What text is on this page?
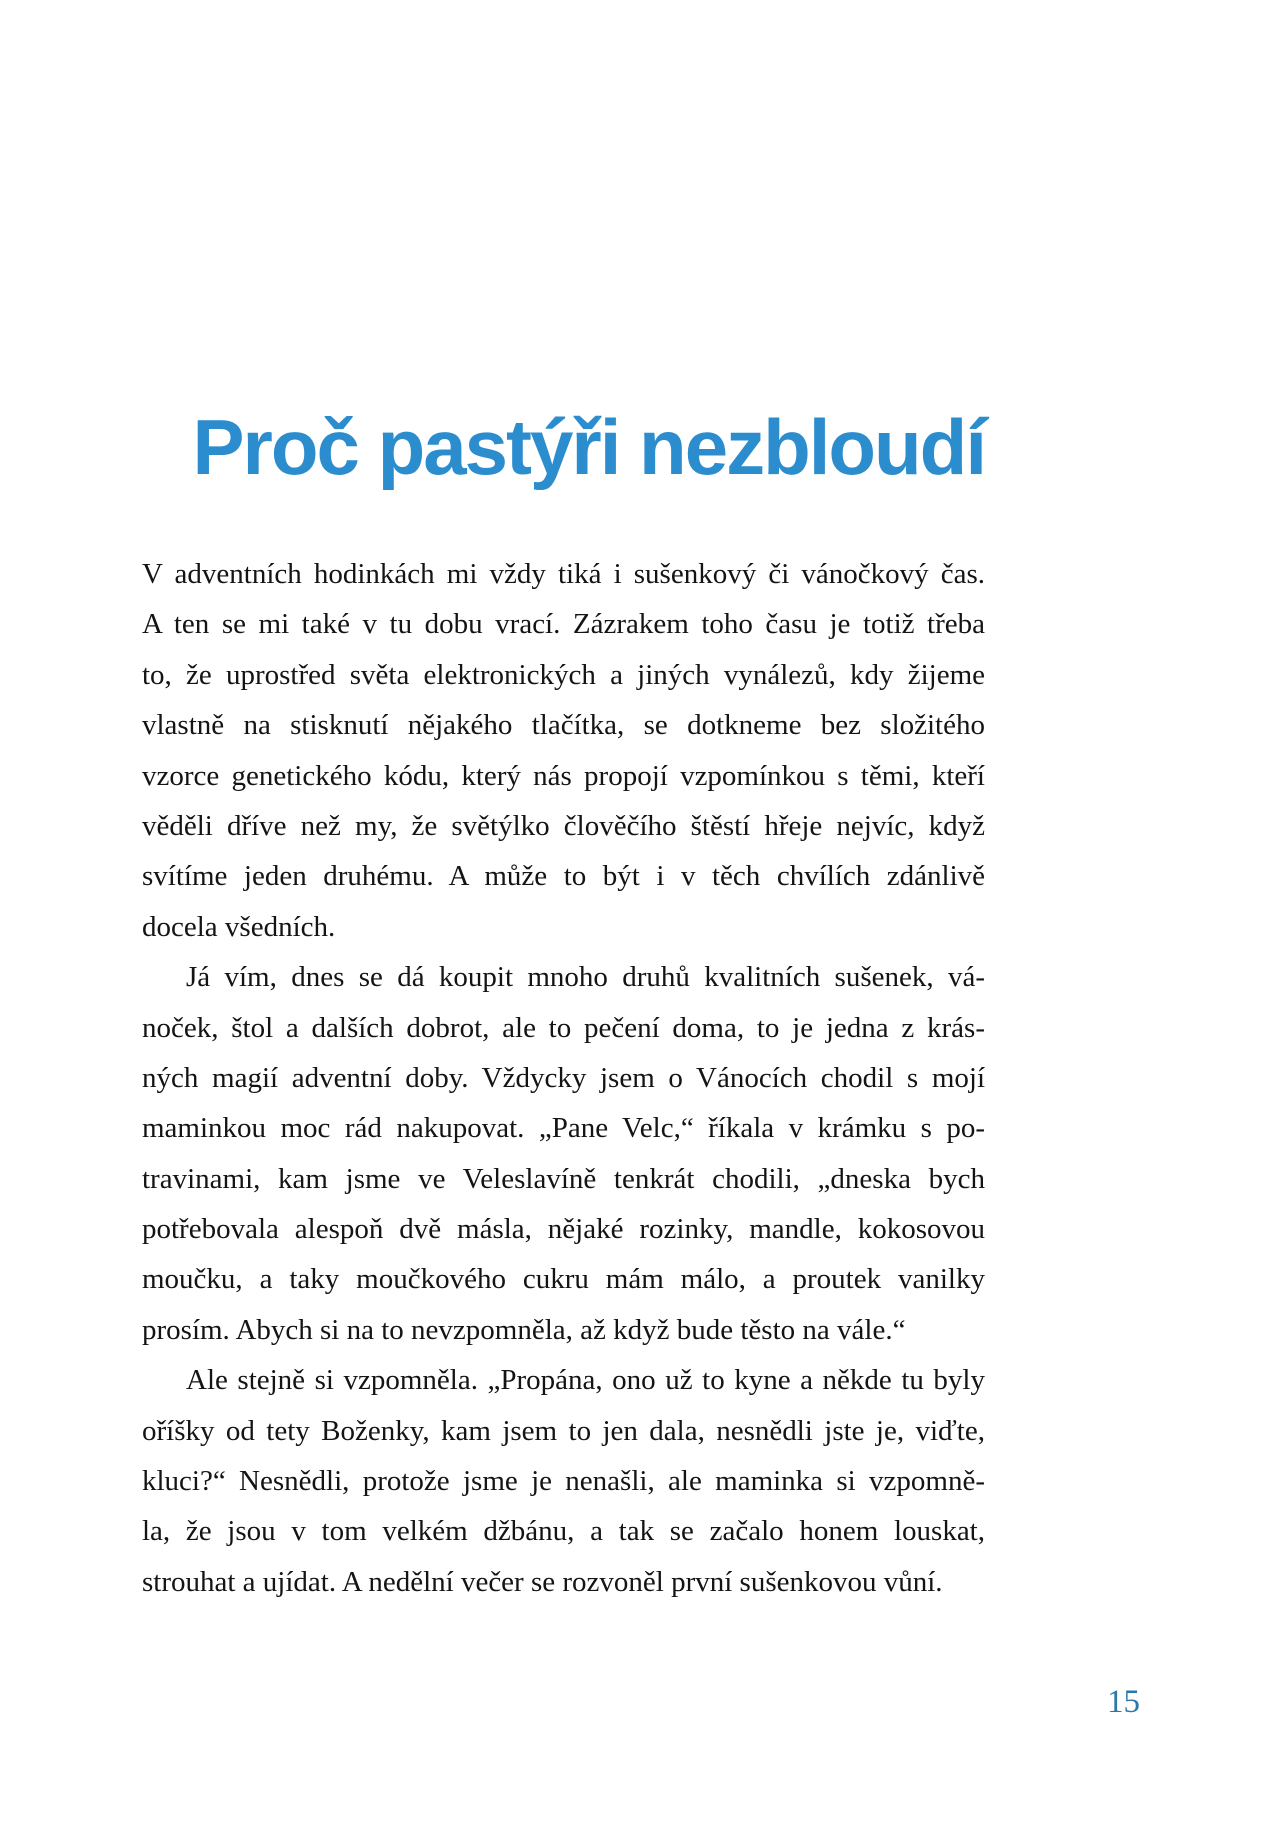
Proč pastýři nezbloudí
V adventních hodinkách mi vždy tiká i sušenkový či vánočkový čas.
A ten se mi také v tu dobu vrací. Zázrakem toho času je totiž třeba
to, že uprostřed světa elektronických a jiných vynálezů, kdy žijeme
vlastně na stisknutí nějakého tlačítka, se dotkneme bez složitého
vzorce genetického kódu, který nás propojí vzpomínkou s těmi, kteří
věděli dříve než my, že světýlko člověčího štěstí hřeje nejvíc, když
svítíme jeden druhému. A může to být i v těch chvílích zdánlivě
docela všedních.
Já vím, dnes se dá koupit mnoho druhů kvalitních sušenek, vá-
noček, štol a dalších dobrot, ale to pečení doma, to je jedna z krás-
ných magií adventní doby. Vždycky jsem o Vánocích chodil s mojí
maminkou moc rád nakupovat. „Pane Velc,“ říkala v krámku s po-
travinami, kam jsme ve Veleslavíně tenkrát chodili, „dneska bych
potřebovala alespoň dvě másla, nějaké rozinky, mandle, kokosovou
moučku, a taky moučkového cukru mám málo, a proutek vanilky
prosím. Abych si na to nevzpomněla, až když bude těsto na vále.“
Ale stejně si vzpomněla. „Propána, ono už to kyne a někde tu byly
oříšky od tety Boženky, kam jsem to jen dala, nesnědli jste je, viďte,
kluci?“ Nesnědli, protože jsme je nenašli, ale maminka si vzpomně-
la, že jsou v tom velkém džbánu, a tak se začalo honem louskat,
strouhat a ujídat. A nedělní večer se rozvoněl první sušenkovou vůní.
15
